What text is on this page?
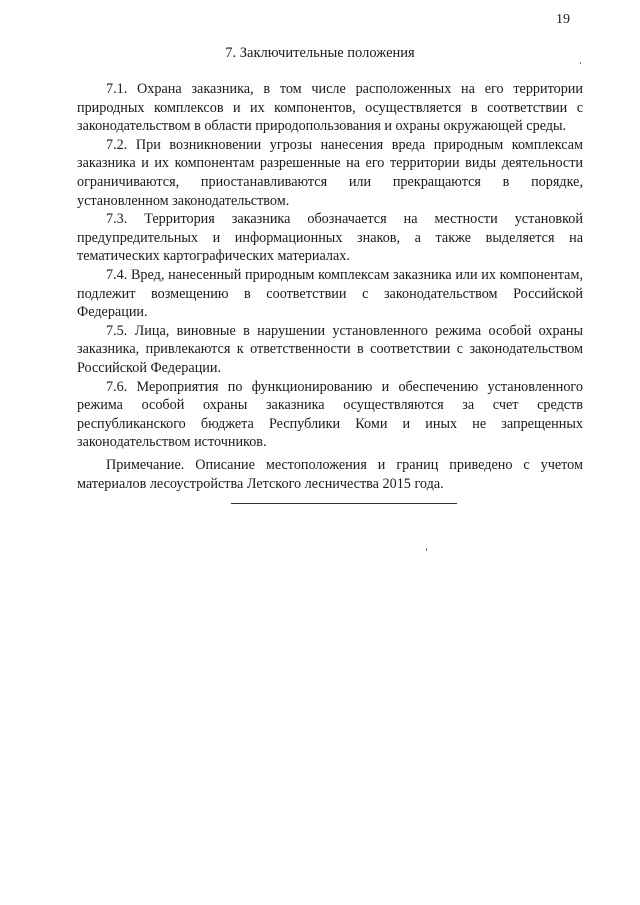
19
7. Заключительные положения

7.1. Охрана заказника, в том числе расположенных на его территории природных комплексов и их компонентов, осуществляется в соответствии с законодательством в области природопользования и охраны окружающей среды.

7.2. При возникновении угрозы нанесения вреда природным комплексам заказника и их компонентам разрешенные на его территории виды деятельности ограничиваются, приостанавливаются или прекращаются в порядке, установленном законодательством.

7.3. Территория заказника обозначается на местности установкой предупредительных и информационных знаков, а также выделяется на тематических картографических материалах.

7.4. Вред, нанесенный природным комплексам заказника или их компонентам, подлежит возмещению в соответствии с законодательством Российской Федерации.

7.5. Лица, виновные в нарушении установленного режима особой охраны заказника, привлекаются к ответственности в соответствии с законодательством Российской Федерации.

7.6. Мероприятия по функционированию и обеспечению установленного режима особой охраны заказника осуществляются за счет средств республиканского бюджета Республики Коми и иных не запрещенных законодательством источников.

Примечание. Описание местоположения и границ приведено с учетом материалов лесоустройства Летского лесничества 2015 года.
